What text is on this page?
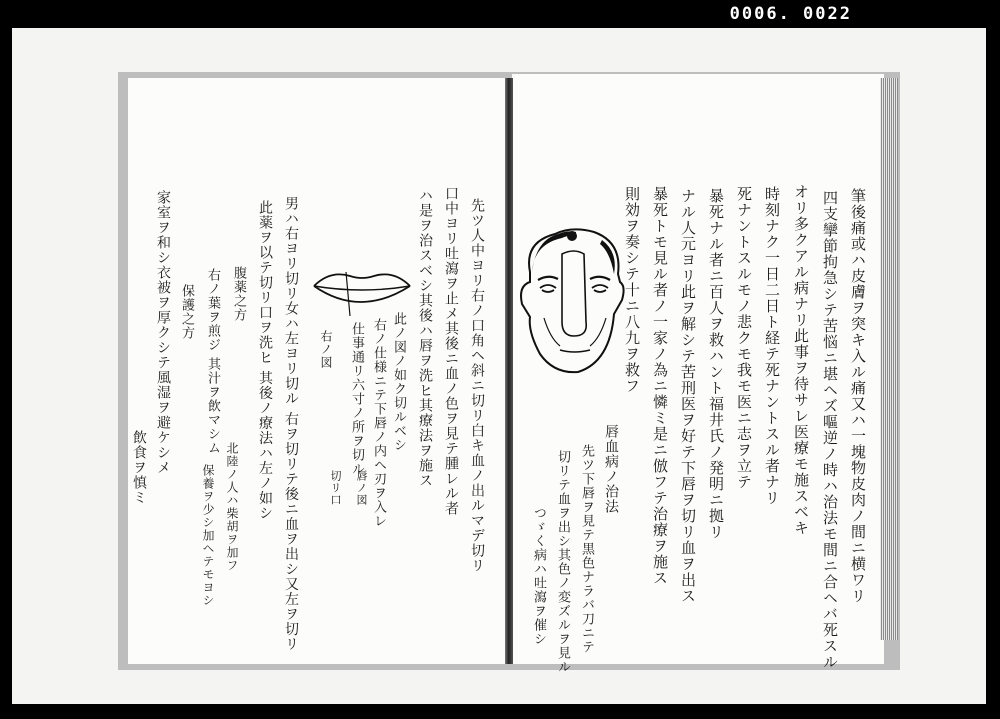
0006. 0022
筆後痛或ハ皮膚ヲ突キ入ル痛又ハ一塊物皮肉ノ間ニ横ワリ
四支攣節拘急シテ苦悩ニ堪ヘズ嘔逆ノ時ハ治法モ間ニ合ヘバ死スル
オリ多クアル病ナリ此事ヲ待サレ医療モ施スベキ
時刻ナク一日二日ト経テ死ナントスル者ナリ
死ナントスルモノ悲クモ我モ医ニ志ヲ立テ
暴死ナル者ニ百人ヲ救ハント福井氏ノ発明ニ拠リ
ナル人元ヨリ此ヲ解シテ苦刑医ヲ好テ下唇ヲ切リ血ヲ出ス
暴死トモ見ル者ノ一家ノ為ニ憐ミ是ニ倣フテ治療ヲ施ス
則効ヲ奏シテ十ニ八九ヲ救フ
唇血病ノ治法
先ツ下唇ヲ見テ黒色ナラバ刀ニテ
切リテ血ヲ出シ其色ノ変ズルヲ見ル
つゞく病ハ吐瀉ヲ催シ
先ツ人中ヨリ右ノ口角ヘ斜ニ切リ白キ血ノ出ルマデ切リ
口中ヨリ吐瀉ヲ止メ其後ニ血ノ色ヲ見テ腫レル者
ハ是ヲ治スベシ其後ハ唇ヲ洗ヒ其療法ヲ施ス
此ノ図ノ如ク切ルベシ
右ノ仕様ニテ下唇ノ内ヘ刃ヲ入レ
仕事通リ六寸ノ所ヲ切ル
右ノ図
切リ口 唇ノ図
男ハ右ヨリ切リ女ハ左ヨリ切ル 右ヲ切リテ後ニ血ヲ出シ又左ヲ切リ
此薬ヲ以テ切リ口ヲ洗ヒ 其後ノ療法ハ左ノ如シ
腹薬之方
右ノ葉ヲ煎ジ 其汁ヲ飲マシム
保護之方
北陸ノ人ハ柴胡ヲ加フ
保養ヲ少シ加ヘテモヨシ
家室ヲ和シ衣被ヲ厚クシテ風湿ヲ避ケシメ
飲食ヲ慎ミ
